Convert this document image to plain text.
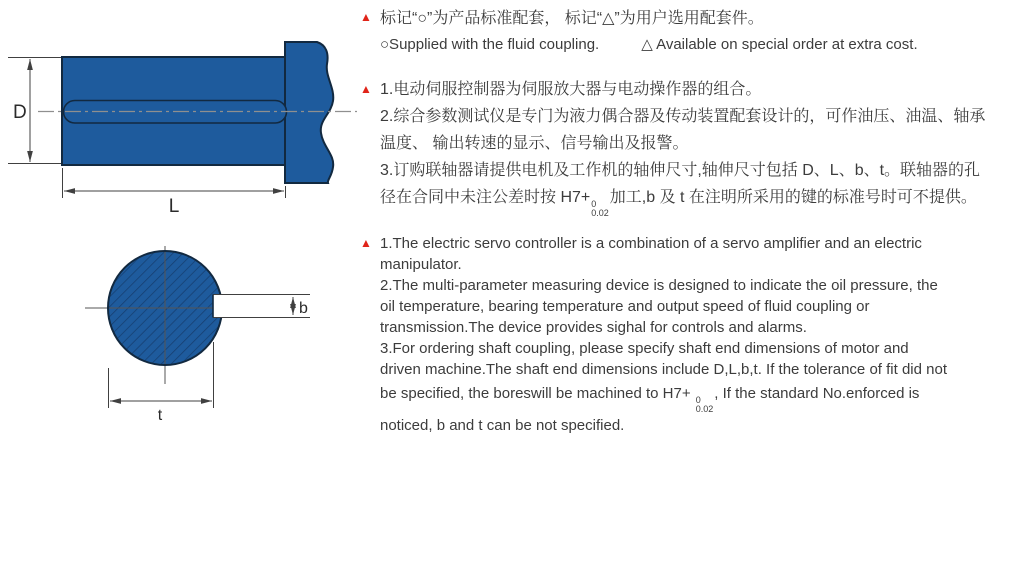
D
L
b
t
▲ 标记“○”为产品标准配套， 标记“△”为用户选用配套件。
○Supplied with the fluid coupling.	△ Available on special order at extra cost.
▲ 1.电动伺服控制器为伺服放大器与电动操作器的组合。
2.综合参数测试仪是专门为液力偶合器及传动装置配套设计的，可作油压、油温、轴承
温度、 输出转速的显示、信号输出及报警。
3.订购联轴器请提供电机及工作机的轴伸尺寸,轴伸尺寸包括 D、L、b、t。联轴器的孔
径在合同中未注公差时按 H7+ 0
0.02
加工,b 及 t 在注明所采用的键的标准号时可不提供。
▲ 1.The electric servo controller is a combination of a servo amplifier and an electric
manipulator.
2.The multi-parameter measuring device is designed to indicate the oil pressure, the
oil temperature, bearing temperature and output speed of fluid coupling or
transmission.The device provides sighal for controls and alarms.
3.For ordering shaft coupling, please specify shaft end dimensions of motor and
driven machine.The shaft end dimensions include D,L,b,t. If the tolerance of fit did not
be specified, the boreswill be machined to H7+ 0
0.02
, If the standard No.enforced is
noticed, b and t can be not specified.
